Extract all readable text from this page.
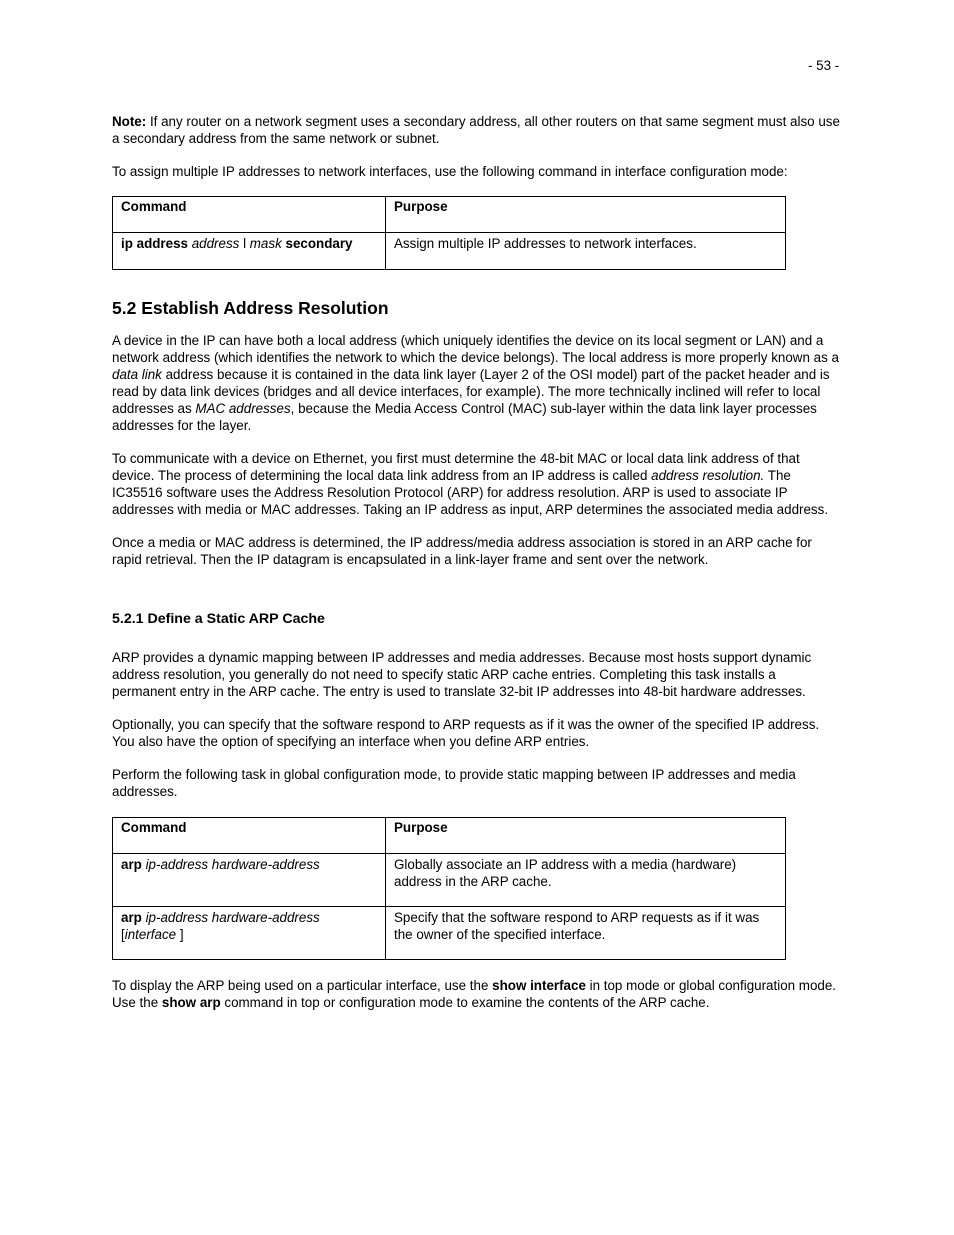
- 53 -

Note: If any router on a network segment uses a secondary address, all other routers on that same segment must also use a secondary address from the same network or subnet.

To assign multiple IP addresses to network interfaces, use the following command in interface configuration mode:

Command	Purpose
ip address address l mask secondary	Assign multiple IP addresses to network interfaces.
5.2 Establish Address Resolution

A device in the IP can have both a local address (which uniquely identifies the device on its local segment or LAN) and a network address (which identifies the network to which the device belongs). The local address is more properly known as a data link address because it is contained in the data link layer (Layer 2 of the OSI model) part of the packet header and is read by data link devices (bridges and all device interfaces, for example). The more technically inclined will refer to local addresses as MAC addresses, because the Media Access Control (MAC) sub-layer within the data link layer processes addresses for the layer.

To communicate with a device on Ethernet, you first must determine the 48-bit MAC or local data link address of that device. The process of determining the local data link address from an IP address is called address resolution. The IC35516 software uses the Address Resolution Protocol (ARP) for address resolution. ARP is used to associate IP addresses with media or MAC addresses. Taking an IP address as input, ARP determines the associated media address.

Once a media or MAC address is determined, the IP address/media address association is stored in an ARP cache for rapid retrieval. Then the IP datagram is encapsulated in a link-layer frame and sent over the network.

5.2.1 Define a Static ARP Cache

ARP provides a dynamic mapping between IP addresses and media addresses. Because most hosts support dynamic address resolution, you generally do not need to specify static ARP cache entries. Completing this task installs a permanent entry in the ARP cache. The entry is used to translate 32-bit IP addresses into 48-bit hardware addresses.

Optionally, you can specify that the software respond to ARP requests as if it was the owner of the specified IP address. You also have the option of specifying an interface when you define ARP entries.

Perform the following task in global configuration mode, to provide static mapping between IP addresses and media addresses.

Command	Purpose
arp ip-address hardware-address	Globally associate an IP address with a media (hardware) address in the ARP cache.
arp ip-address hardware-address
[interface ]	Specify that the software respond to ARP requests as if it was the owner of the specified interface.

To display the ARP being used on a particular interface, use the show interface in top mode or global configuration mode. Use the show arp command in top or configuration mode to examine the contents of the ARP cache.
